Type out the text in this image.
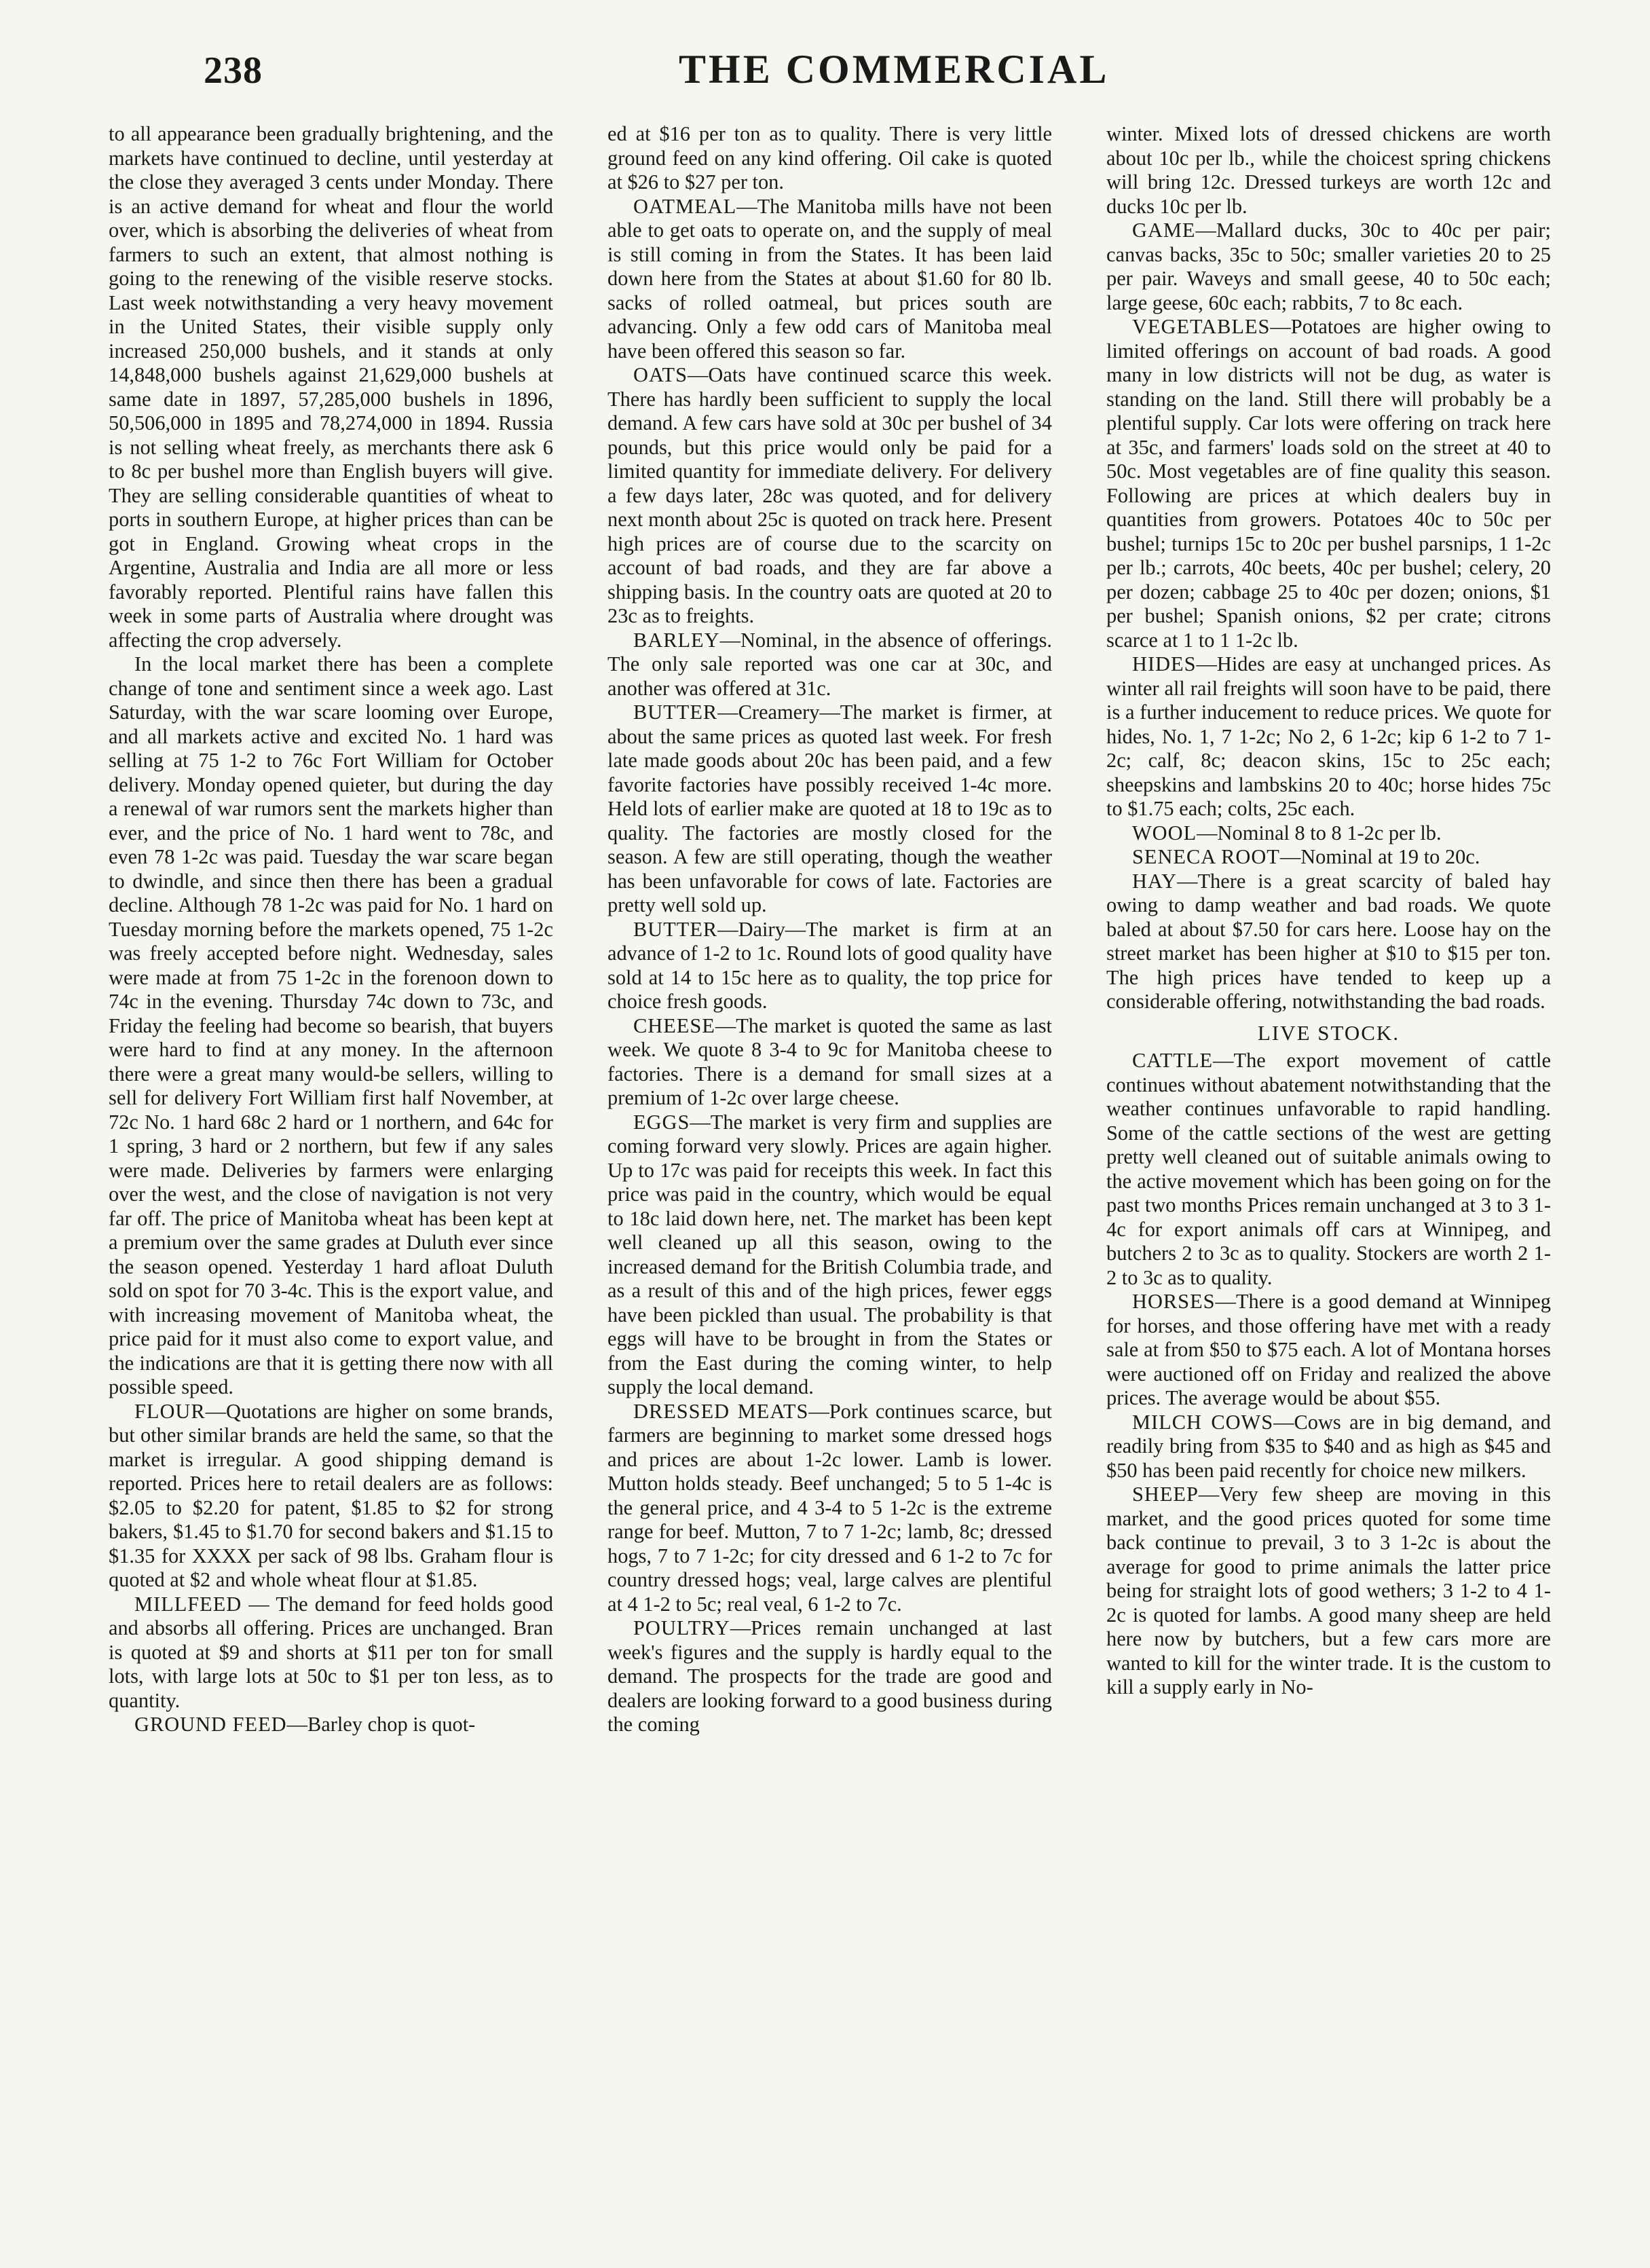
238	THE COMMERCIAL

to all appearance been gradually brightening, and the markets have continued to decline, until yesterday at the close they averaged 3 cents under Monday. There is an active demand for wheat and flour the world over, which is absorbing the deliveries of wheat from farmers to such an extent, that almost nothing is going to the renewing of the visible reserve stocks. Last week notwithstanding a very heavy movement in the United States, their visible supply only increased 250,000 bushels, and it stands at only 14,848,000 bushels against 21,629,000 bushels at same date in 1897, 57,285,000 bushels in 1896, 50,506,000 in 1895 and 78,274,000 in 1894. Russia is not selling wheat freely, as merchants there ask 6 to 8c per bushel more than English buyers will give. They are selling considerable quantities of wheat to ports in southern Europe, at higher prices than can be got in England. Growing wheat crops in the Argentine, Australia and India are all more or less favorably reported. Plentiful rains have fallen this week in some parts of Australia where drought was affecting the crop adversely.

In the local market there has been a complete change of tone and sentiment since a week ago. Last Saturday, with the war scare looming over Europe, and all markets active and excited No. 1 hard was selling at 75 1-2 to 76c Fort William for October delivery. Monday opened quieter, but during the day a renewal of war rumors sent the markets higher than ever, and the price of No. 1 hard went to 78c, and even 78 1-2c was paid. Tuesday the war scare began to dwindle, and since then there has been a gradual decline. Although 78 1-2c was paid for No. 1 hard on Tuesday morning before the markets opened, 75 1-2c was freely accepted before night. Wednesday, sales were made at from 75 1-2c in the forenoon down to 74c in the evening. Thursday 74c down to 73c, and Friday the feeling had become so bearish, that buyers were hard to find at any money. In the afternoon there were a great many would-be sellers, willing to sell for delivery Fort William first half November, at 72c No. 1 hard 68c 2 hard or 1 northern, and 64c for 1 spring, 3 hard or 2 northern, but few if any sales were made. Deliveries by farmers were enlarging over the west, and the close of navigation is not very far off. The price of Manitoba wheat has been kept at a premium over the same grades at Duluth ever since the season opened. Yesterday 1 hard afloat Duluth sold on spot for 70 3-4c. This is the export value, and with increasing movement of Manitoba wheat, the price paid for it must also come to export value, and the indications are that it is getting there now with all possible speed.

FLOUR—Quotations are higher on some brands, but other similar brands are held the same, so that the market is irregular. A good shipping demand is reported. Prices here to retail dealers are as follows: $2.05 to $2.20 for patent, $1.85 to $2 for strong bakers, $1.45 to $1.70 for second bakers and $1.15 to $1.35 for XXXX per sack of 98 lbs. Graham flour is quoted at $2 and whole wheat flour at $1.85.

MILLFEED — The demand for feed holds good and absorbs all offering. Prices are unchanged. Bran is quoted at $9 and shorts at $11 per ton for small lots, with large lots at 50c to $1 per ton less, as to quantity.

GROUND FEED—Barley chop is quot-

ed at $16 per ton as to quality. There is very little ground feed on any kind offering. Oil cake is quoted at $26 to $27 per ton.

OATMEAL—The Manitoba mills have not been able to get oats to operate on, and the supply of meal is still coming in from the States. It has been laid down here from the States at about $1.60 for 80 lb. sacks of rolled oatmeal, but prices south are advancing. Only a few odd cars of Manitoba meal have been offered this season so far.

OATS—Oats have continued scarce this week. There has hardly been sufficient to supply the local demand. A few cars have sold at 30c per bushel of 34 pounds, but this price would only be paid for a limited quantity for immediate delivery. For delivery a few days later, 28c was quoted, and for delivery next month about 25c is quoted on track here. Present high prices are of course due to the scarcity on account of bad roads, and they are far above a shipping basis. In the country oats are quoted at 20 to 23c as to freights.

BARLEY—Nominal, in the absence of offerings. The only sale reported was one car at 30c, and another was offered at 31c.

BUTTER—Creamery—The market is firmer, at about the same prices as quoted last week. For fresh late made goods about 20c has been paid, and a few favorite factories have possibly received 1-4c more. Held lots of earlier make are quoted at 18 to 19c as to quality. The factories are mostly closed for the season. A few are still operating, though the weather has been unfavorable for cows of late. Factories are pretty well sold up.

BUTTER—Dairy—The market is firm at an advance of 1-2 to 1c. Round lots of good quality have sold at 14 to 15c here as to quality, the top price for choice fresh goods.

CHEESE—The market is quoted the same as last week. We quote 8 3-4 to 9c for Manitoba cheese to factories. There is a demand for small sizes at a premium of 1-2c over large cheese.

EGGS—The market is very firm and supplies are coming forward very slowly. Prices are again higher. Up to 17c was paid for receipts this week. In fact this price was paid in the country, which would be equal to 18c laid down here, net. The market has been kept well cleaned up all this season, owing to the increased demand for the British Columbia trade, and as a result of this and of the high prices, fewer eggs have been pickled than usual. The probability is that eggs will have to be brought in from the States or from the East during the coming winter, to help supply the local demand.

DRESSED MEATS—Pork continues scarce, but farmers are beginning to market some dressed hogs and prices are about 1-2c lower. Lamb is lower. Mutton holds steady. Beef unchanged; 5 to 5 1-4c is the general price, and 4 3-4 to 5 1-2c is the extreme range for beef. Mutton, 7 to 7 1-2c; lamb, 8c; dressed hogs, 7 to 7 1-2c; for city dressed and 6 1-2 to 7c for country dressed hogs; veal, large calves are plentiful at 4 1-2 to 5c; real veal, 6 1-2 to 7c.

POULTRY—Prices remain unchanged at last week's figures and the supply is hardly equal to the demand. The prospects for the trade are good and dealers are looking forward to a good business during the coming

winter. Mixed lots of dressed chickens are worth about 10c per lb., while the choicest spring chickens will bring 12c. Dressed turkeys are worth 12c and ducks 10c per lb.

GAME—Mallard ducks, 30c to 40c per pair; canvas backs, 35c to 50c; smaller varieties 20 to 25 per pair. Waveys and small geese, 40 to 50c each; large geese, 60c each; rabbits, 7 to 8c each.

VEGETABLES—Potatoes are higher owing to limited offerings on account of bad roads. A good many in low districts will not be dug, as water is standing on the land. Still there will probably be a plentiful supply. Car lots were offering on track here at 35c, and farmers' loads sold on the street at 40 to 50c. Most vegetables are of fine quality this season. Following are prices at which dealers buy in quantities from growers. Potatoes 40c to 50c per bushel; turnips 15c to 20c per bushel parsnips, 1 1-2c per lb.; carrots, 40c beets, 40c per bushel; celery, 20 per dozen; cabbage 25 to 40c per dozen; onions, $1 per bushel; Spanish onions, $2 per crate; citrons scarce at 1 to 1 1-2c lb.

HIDES—Hides are easy at unchanged prices. As winter all rail freights will soon have to be paid, there is a further inducement to reduce prices. We quote for hides, No. 1, 7 1-2c; No 2, 6 1-2c; kip 6 1-2 to 7 1-2c; calf, 8c; deacon skins, 15c to 25c each; sheepskins and lambskins 20 to 40c; horse hides 75c to $1.75 each; colts, 25c each.

WOOL—Nominal 8 to 8 1-2c per lb.

SENECA ROOT—Nominal at 19 to 20c.

HAY—There is a great scarcity of baled hay owing to damp weather and bad roads. We quote baled at about $7.50 for cars here. Loose hay on the street market has been higher at $10 to $15 per ton. The high prices have tended to keep up a considerable offering, notwithstanding the bad roads.

LIVE STOCK.

CATTLE—The export movement of cattle continues without abatement notwithstanding that the weather continues unfavorable to rapid handling. Some of the cattle sections of the west are getting pretty well cleaned out of suitable animals owing to the active movement which has been going on for the past two months Prices remain unchanged at 3 to 3 1-4c for export animals off cars at Winnipeg, and butchers 2 to 3c as to quality. Stockers are worth 2 1-2 to 3c as to quality.

HORSES—There is a good demand at Winnipeg for horses, and those offering have met with a ready sale at from $50 to $75 each. A lot of Montana horses were auctioned off on Friday and realized the above prices. The average would be about $55.

MILCH COWS—Cows are in big demand, and readily bring from $35 to $40 and as high as $45 and $50 has been paid recently for choice new milkers.

SHEEP—Very few sheep are moving in this market, and the good prices quoted for some time back continue to prevail, 3 to 3 1-2c is about the average for good to prime animals the latter price being for straight lots of good wethers; 3 1-2 to 4 1-2c is quoted for lambs. A good many sheep are held here now by butchers, but a few cars more are wanted to kill for the winter trade. It is the custom to kill a supply early in No-
